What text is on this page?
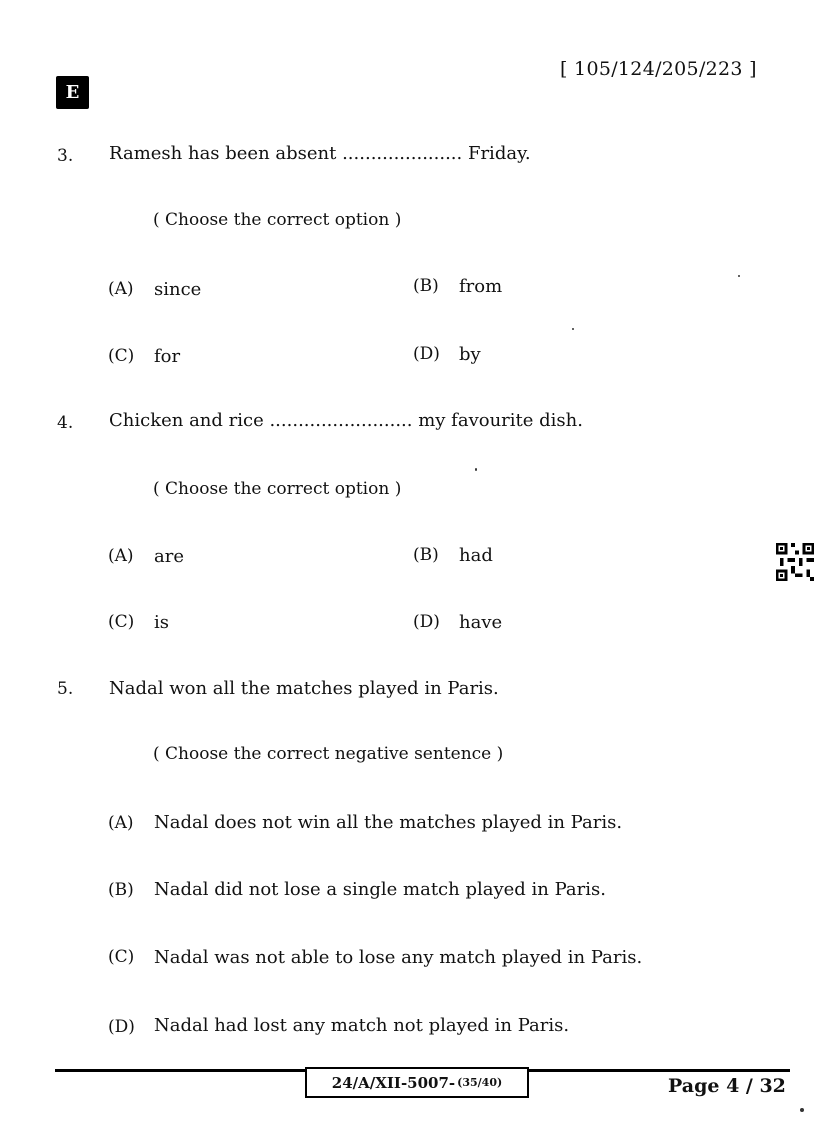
E
[ 105/124/205/223 ]
3. Ramesh has been absent ..................... Friday.
( Choose the correct option )
(A) since	(B) from
(C) for	(D) by
4. Chicken and rice ......................... my favourite dish.
( Choose the correct option )
(A) are	(B) had
(C) is	(D) have
5. Nadal won all the matches played in Paris.
( Choose the correct negative sentence )
(A) Nadal does not win all the matches played in Paris.
(B) Nadal did not lose a single match played in Paris.
(C) Nadal was not able to lose any match played in Paris.
(D) Nadal had lost any match not played in Paris.
24/A/XII-5007- (35/40)	Page 4 / 32
